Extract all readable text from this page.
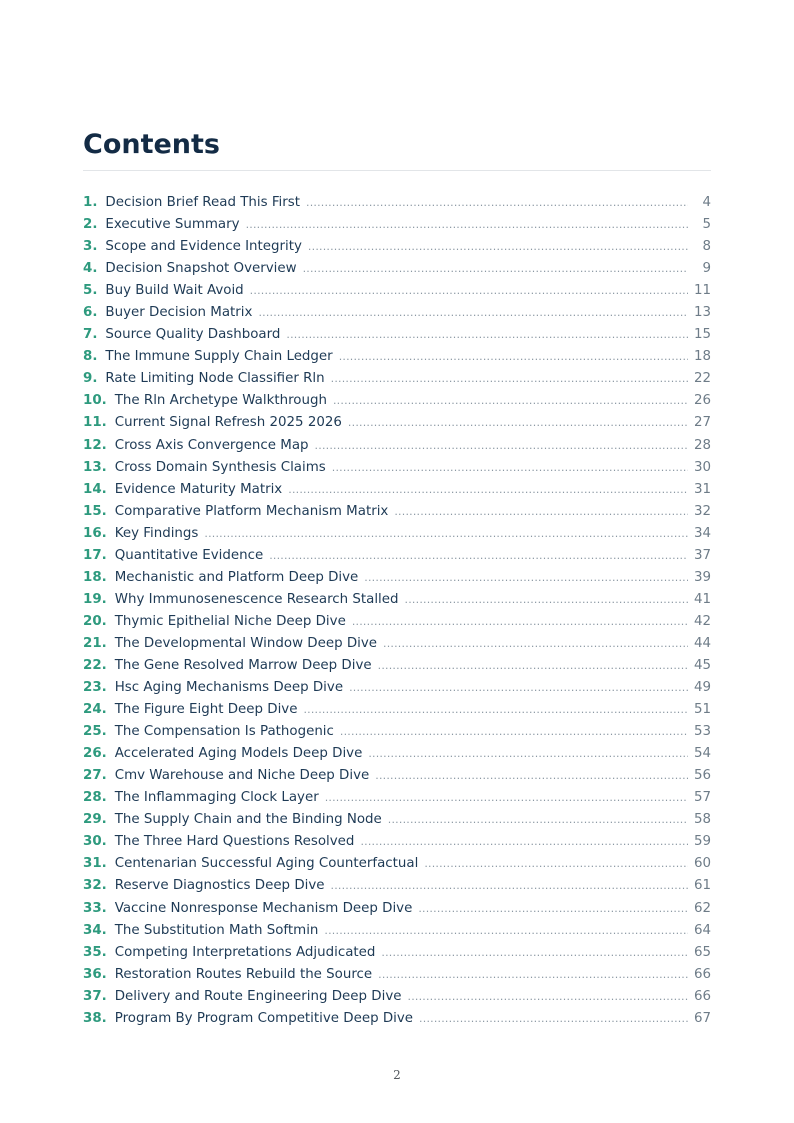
Contents
1. Decision Brief Read This First .....	4
2. Executive Summary .....	5
3. Scope and Evidence Integrity .....	8
4. Decision Snapshot Overview .....	9
5. Buy Build Wait Avoid .....	11
6. Buyer Decision Matrix .....	13
7. Source Quality Dashboard .....	15
8. The Immune Supply Chain Ledger .....	18
9. Rate Limiting Node Classifier Rln .....	22
10. The Rln Archetype Walkthrough .....	26
11. Current Signal Refresh 2025 2026 .....	27
12. Cross Axis Convergence Map .....	28
13. Cross Domain Synthesis Claims .....	30
14. Evidence Maturity Matrix .....	31
15. Comparative Platform Mechanism Matrix .....	32
16. Key Findings .....	34
17. Quantitative Evidence .....	37
18. Mechanistic and Platform Deep Dive .....	39
19. Why Immunosenescence Research Stalled .....	41
20. Thymic Epithelial Niche Deep Dive .....	42
21. The Developmental Window Deep Dive .....	44
22. The Gene Resolved Marrow Deep Dive .....	45
23. Hsc Aging Mechanisms Deep Dive .....	49
24. The Figure Eight Deep Dive .....	51
25. The Compensation Is Pathogenic .....	53
26. Accelerated Aging Models Deep Dive .....	54
27. Cmv Warehouse and Niche Deep Dive .....	56
28. The Inflammaging Clock Layer .....	57
29. The Supply Chain and the Binding Node .....	58
30. The Three Hard Questions Resolved .....	59
31. Centenarian Successful Aging Counterfactual .....	60
32. Reserve Diagnostics Deep Dive .....	61
33. Vaccine Nonresponse Mechanism Deep Dive .....	62
34. The Substitution Math Softmin .....	64
35. Competing Interpretations Adjudicated .....	65
36. Restoration Routes Rebuild the Source .....	66
37. Delivery and Route Engineering Deep Dive .....	66
38. Program By Program Competitive Deep Dive .....	67
2
